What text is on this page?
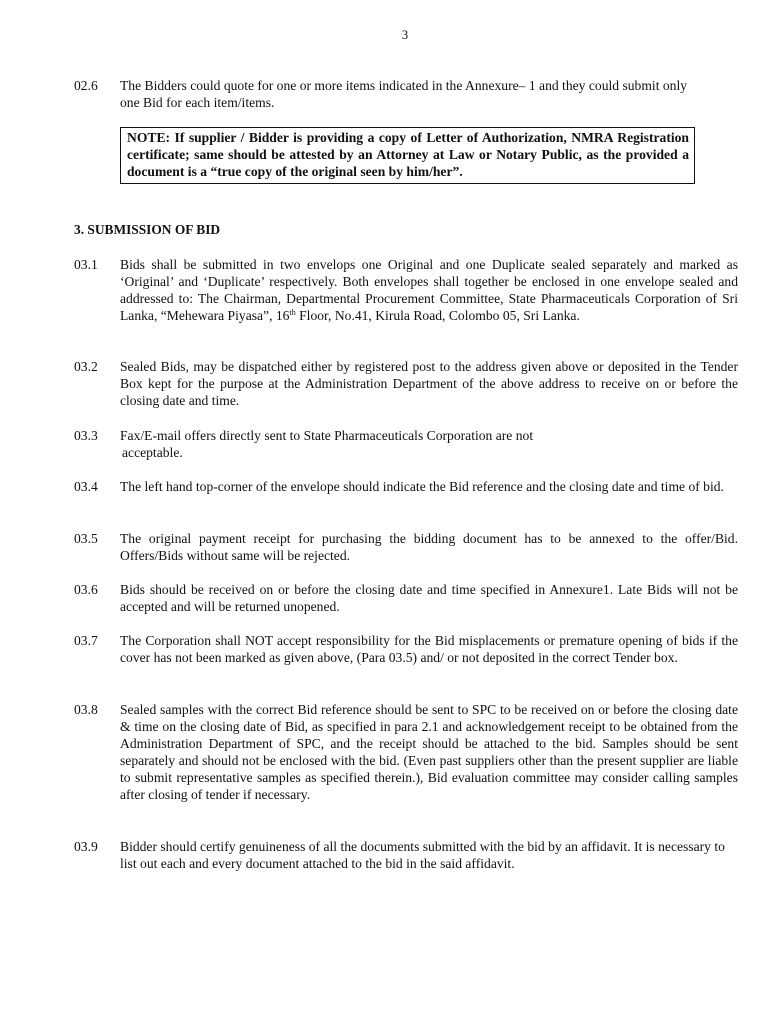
3
02.6	The Bidders could quote for one or more items indicated in the Annexure– 1 and they could submit only one Bid for each item/items.
NOTE: If supplier / Bidder is providing a copy of Letter of Authorization, NMRA Registration certificate; same should be attested by an Attorney at Law or Notary Public, as the provided a document is a “true copy of the original seen by him/her”.
3. SUBMISSION OF BID
03.1	Bids shall be submitted in two envelops one Original and one Duplicate sealed separately and marked as ‘Original’ and ‘Duplicate’ respectively. Both envelopes shall together be enclosed in one envelope sealed and addressed to: The Chairman, Departmental Procurement Committee, State Pharmaceuticals Corporation of Sri Lanka, “Mehewara Piyasa”, 16th Floor, No.41, Kirula Road, Colombo 05, Sri Lanka.
03.2	Sealed Bids, may be dispatched either by registered post to the address given above or deposited in the Tender Box kept for the purpose at the Administration Department of the above address to receive on or before the closing date and time.
03.3	Fax/E-mail offers directly sent to State Pharmaceuticals Corporation are not
acceptable.
03.4	The left hand top-corner of the envelope should indicate the Bid reference and the closing date and time of bid.
03.5	The original payment receipt for purchasing the bidding document has to be annexed to the offer/Bid. Offers/Bids without same will be rejected.
03.6	Bids should be received on or before the closing date and time specified in Annexure1. Late Bids will not be accepted and will be returned unopened.
03.7	The Corporation shall NOT accept responsibility for the Bid misplacements or premature opening of bids if the cover has not been marked as given above, (Para 03.5) and/ or not deposited in the correct Tender box.
03.8	Sealed samples with the correct Bid reference should be sent to SPC to be received on or before the closing date & time on the closing date of Bid, as specified in para 2.1 and acknowledgement receipt to be obtained from the Administration Department of SPC, and the receipt should be attached to the bid. Samples should be sent separately and should not be enclosed with the bid. (Even past suppliers other than the present supplier are liable to submit representative samples as specified therein.), Bid evaluation committee may consider calling samples after closing of tender if necessary.
03.9	Bidder should certify genuineness of all the documents submitted with the bid by an affidavit. It is necessary to list out each and every document attached to the bid in the said affidavit.
